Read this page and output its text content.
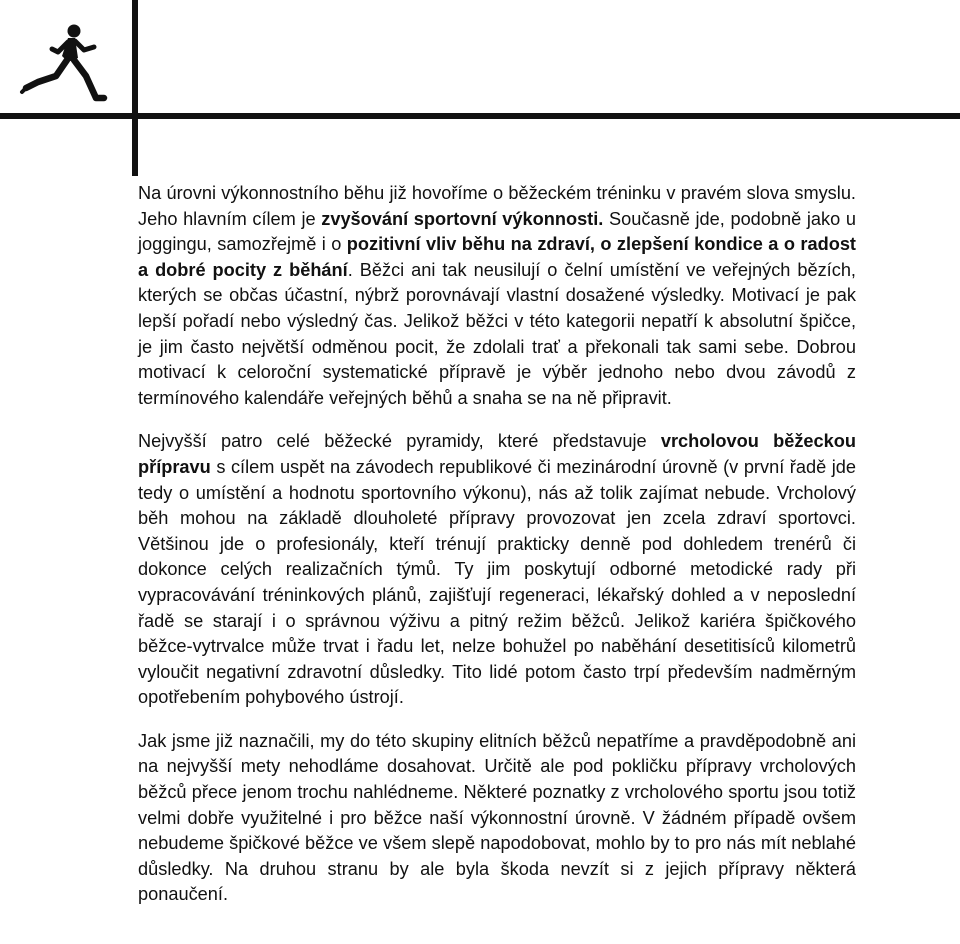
Na úrovni výkonnostního běhu již hovoříme o běžeckém tréninku v pravém slova smyslu. Jeho hlavním cílem je zvyšování sportovní výkonnosti. Současně jde, podobně jako u joggingu, samozřejmě i o pozitivní vliv běhu na zdraví, o zlepšení kondice a o radost a dobré pocity z běhání. Běžci ani tak neusilují o čelní umístění ve veřejných bězích, kterých se občas účastní, nýbrž porovnávají vlastní dosažené výsledky. Motivací je pak lepší pořadí nebo výsledný čas. Jelikož běžci v této kategorii nepatří k absolutní špičce, je jim často největší odměnou pocit, že zdolali trať a překonali tak sami sebe. Dobrou motivací k celoroční systematické přípravě je výběr jednoho nebo dvou závodů z termínového kalendáře veřejných běhů a snaha se na ně připravit.

Nejvyšší patro celé běžecké pyramidy, které představuje vrcholovou běžeckou přípravu s cílem uspět na závodech republikové či mezinárodní úrovně (v první řadě jde tedy o umístění a hodnotu sportovního výkonu), nás až tolik zajímat nebude. Vrcholový běh mohou na základě dlouholeté přípravy provozovat jen zcela zdraví sportovci. Většinou jde o profesionály, kteří trénují prakticky denně pod dohledem trenérů či dokonce celých realizačních týmů. Ty jim poskytují odborné metodické rady při vypracovávání tréninkových plánů, zajišťují regeneraci, lékařský dohled a v neposlední řadě se starají i o správnou výživu a pitný režim běžců. Jelikož kariéra špičkového běžce-vytrvalce může trvat i řadu let, nelze bohužel po naběhání desetitisíců kilometrů vyloučit negativní zdravotní důsledky. Tito lidé potom často trpí především nadměrným opotřebením pohybového ústrojí.

Jak jsme již naznačili, my do této skupiny elitních běžců nepatříme a pravděpodobně ani na nejvyšší mety nehodláme dosahovat. Určitě ale pod pokličku přípravy vrcholových běžců přece jenom trochu nahlédneme. Některé poznatky z vrcholového sportu jsou totiž velmi dobře využitelné i pro běžce naší výkonnostní úrovně. V žádném případě ovšem nebudeme špičkové běžce ve všem slepě napodobovat, mohlo by to pro nás mít neblahé důsledky. Na druhou stranu by ale byla škoda nevzít si z jejich přípravy některá ponaučení.
